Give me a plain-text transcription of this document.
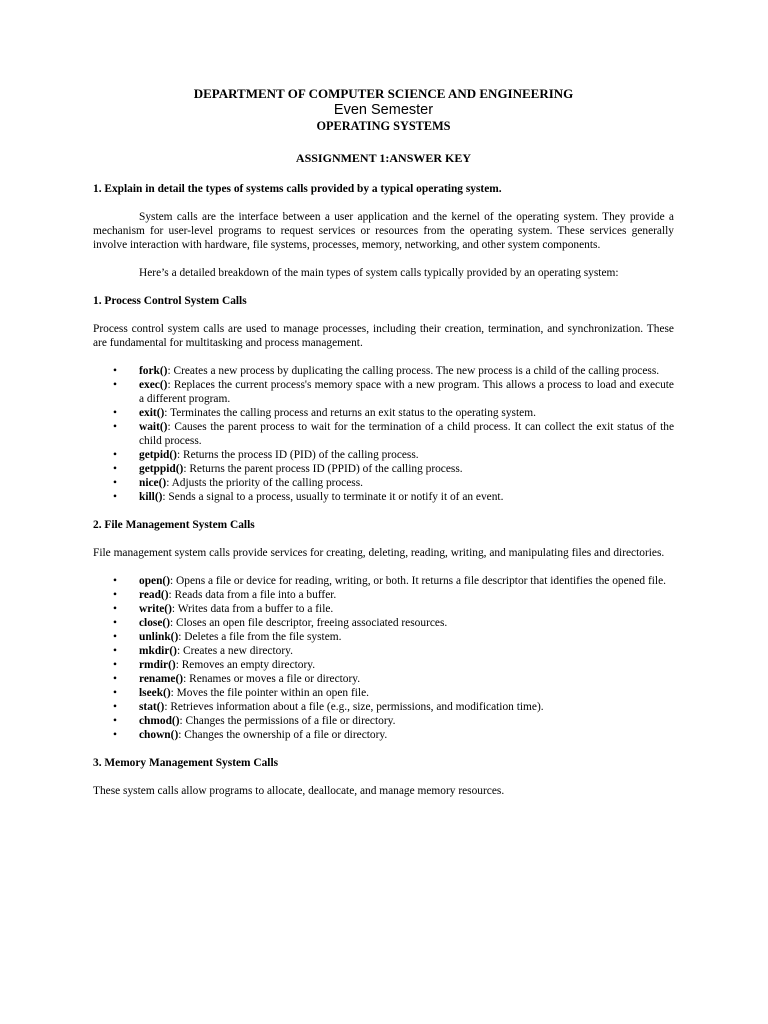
DEPARTMENT OF COMPUTER SCIENCE AND ENGINEERING

Even Semester

OPERATING SYSTEMS

ASSIGNMENT 1:ANSWER KEY

1. Explain in detail the types of systems calls provided by a typical operating system.

System calls are the interface between a user application and the kernel of the operating system. They provide a mechanism for user-level programs to request services or resources from the operating system. These services generally involve interaction with hardware, file systems, processes, memory, networking, and other system components.

Here’s a detailed breakdown of the main types of system calls typically provided by an operating system:

1. Process Control System Calls

Process control system calls are used to manage processes, including their creation, termination, and synchronization. These are fundamental for multitasking and process management.

• fork(): Creates a new process by duplicating the calling process. The new process is a child of the calling process.
• exec(): Replaces the current process's memory space with a new program. This allows a process to load and execute a different program.
• exit(): Terminates the calling process and returns an exit status to the operating system.
• wait(): Causes the parent process to wait for the termination of a child process. It can collect the exit status of the child process.
• getpid(): Returns the process ID (PID) of the calling process.
• getppid(): Returns the parent process ID (PPID) of the calling process.
• nice(): Adjusts the priority of the calling process.
• kill(): Sends a signal to a process, usually to terminate it or notify it of an event.

2. File Management System Calls

File management system calls provide services for creating, deleting, reading, writing, and manipulating files and directories.

• open(): Opens a file or device for reading, writing, or both. It returns a file descriptor that identifies the opened file.
• read(): Reads data from a file into a buffer.
• write(): Writes data from a buffer to a file.
• close(): Closes an open file descriptor, freeing associated resources.
• unlink(): Deletes a file from the file system.
• mkdir(): Creates a new directory.
• rmdir(): Removes an empty directory.
• rename(): Renames or moves a file or directory.
• lseek(): Moves the file pointer within an open file.
• stat(): Retrieves information about a file (e.g., size, permissions, and modification time).
• chmod(): Changes the permissions of a file or directory.
• chown(): Changes the ownership of a file or directory.

3. Memory Management System Calls

These system calls allow programs to allocate, deallocate, and manage memory resources.
